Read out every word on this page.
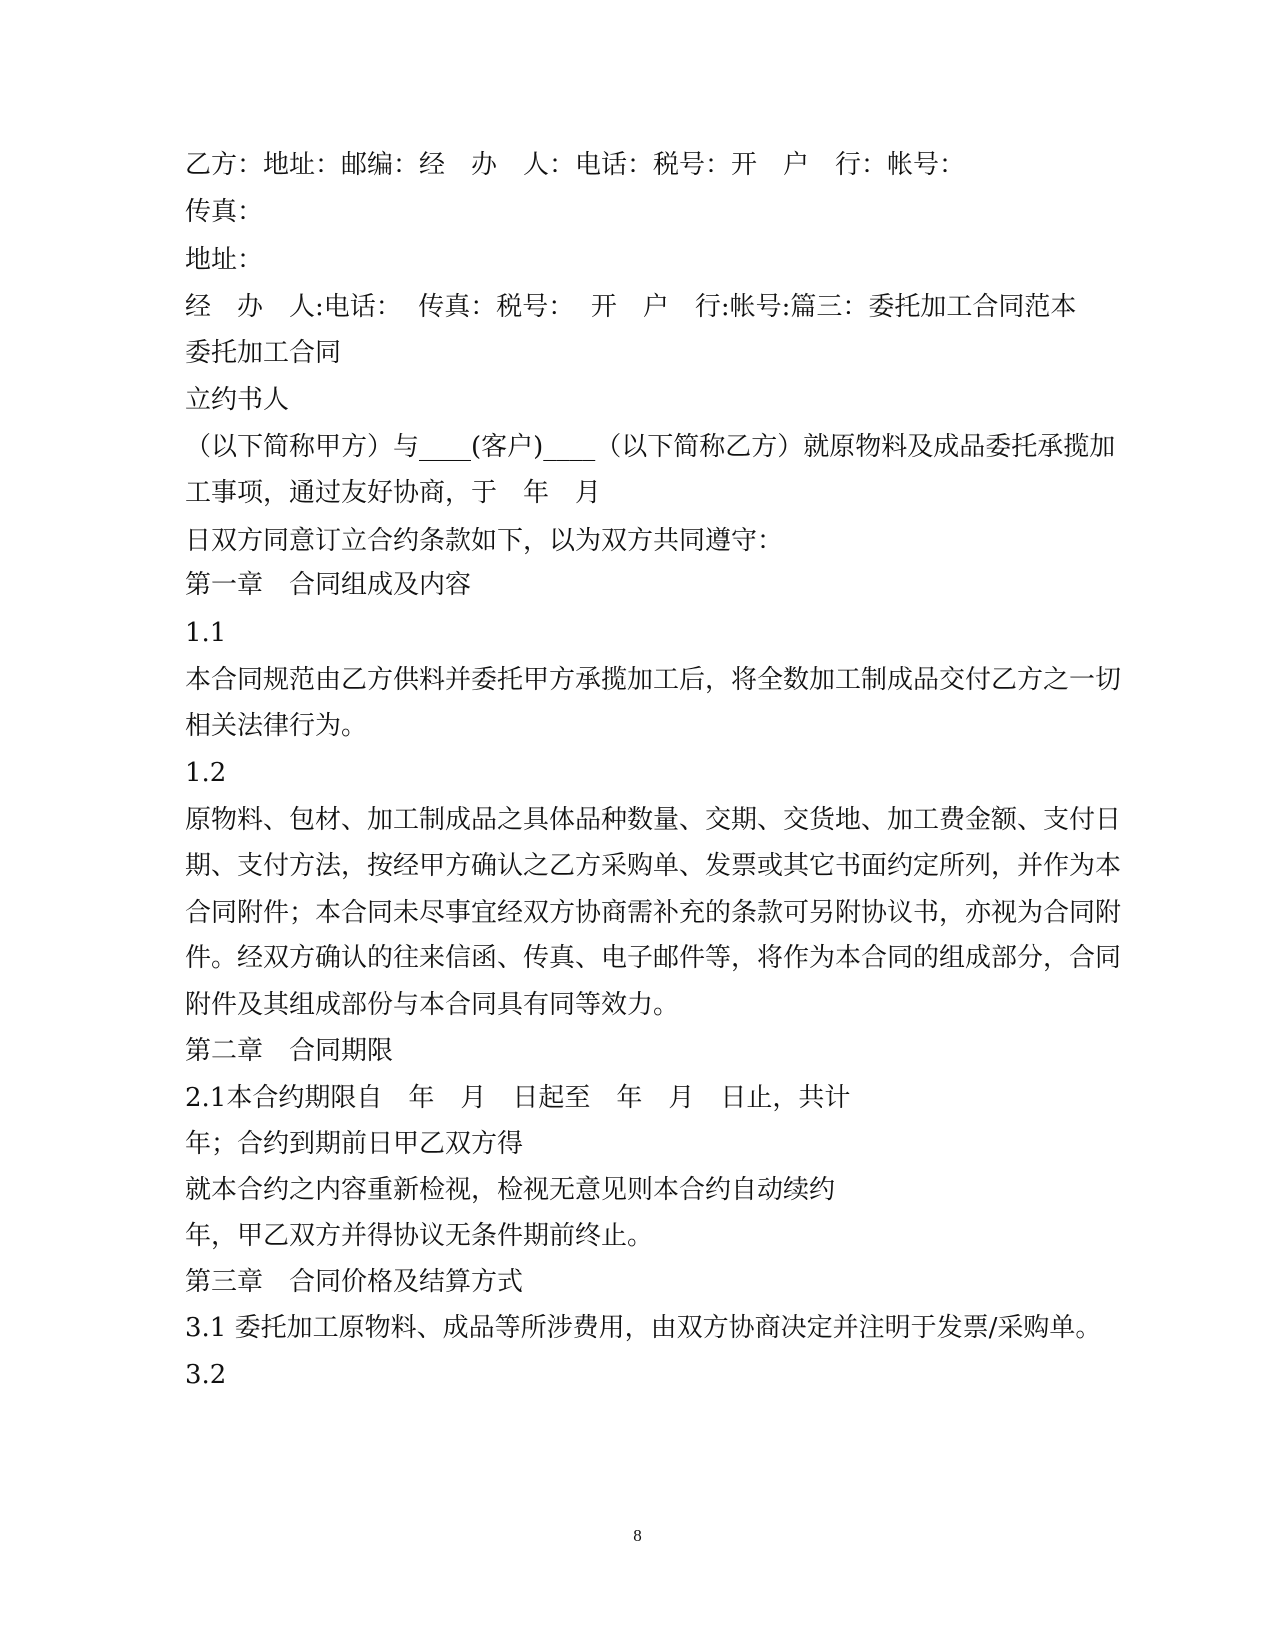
乙方：地址：邮编：经　办　人：电话：税号：开　户　行：帐号：
传真：
地址：
经　办　人:电话：  传真：税号：  开　户　行:帐号:篇三：委托加工合同范本
委托加工合同
立约书人
（以下简称甲方）与____(客户)____（以下简称乙方）就原物料及成品委托承揽加
工事项，通过友好协商，于　年　月
日双方同意订立合约条款如下，以为双方共同遵守：
第一章　合同组成及内容
1.1
本合同规范由乙方供料并委托甲方承揽加工后，将全数加工制成品交付乙方之一切
相关法律行为。
1.2
原物料、包材、加工制成品之具体品种数量、交期、交货地、加工费金额、支付日
期、支付方法，按经甲方确认之乙方采购单、发票或其它书面约定所列，并作为本
合同附件；本合同未尽事宜经双方协商需补充的条款可另附协议书，亦视为合同附
件。经双方确认的往来信函、传真、电子邮件等，将作为本合同的组成部分，合同
附件及其组成部份与本合同具有同等效力。
第二章　合同期限
2.1本合约期限自　年　月　日起至　年　月　日止，共计
年；合约到期前日甲乙双方得
就本合约之内容重新检视，检视无意见则本合约自动续约
年，甲乙双方并得协议无条件期前终止。
第三章　合同价格及结算方式
3.1 委托加工原物料、成品等所涉费用，由双方协商决定并注明于发票/采购单。
3.2
8
